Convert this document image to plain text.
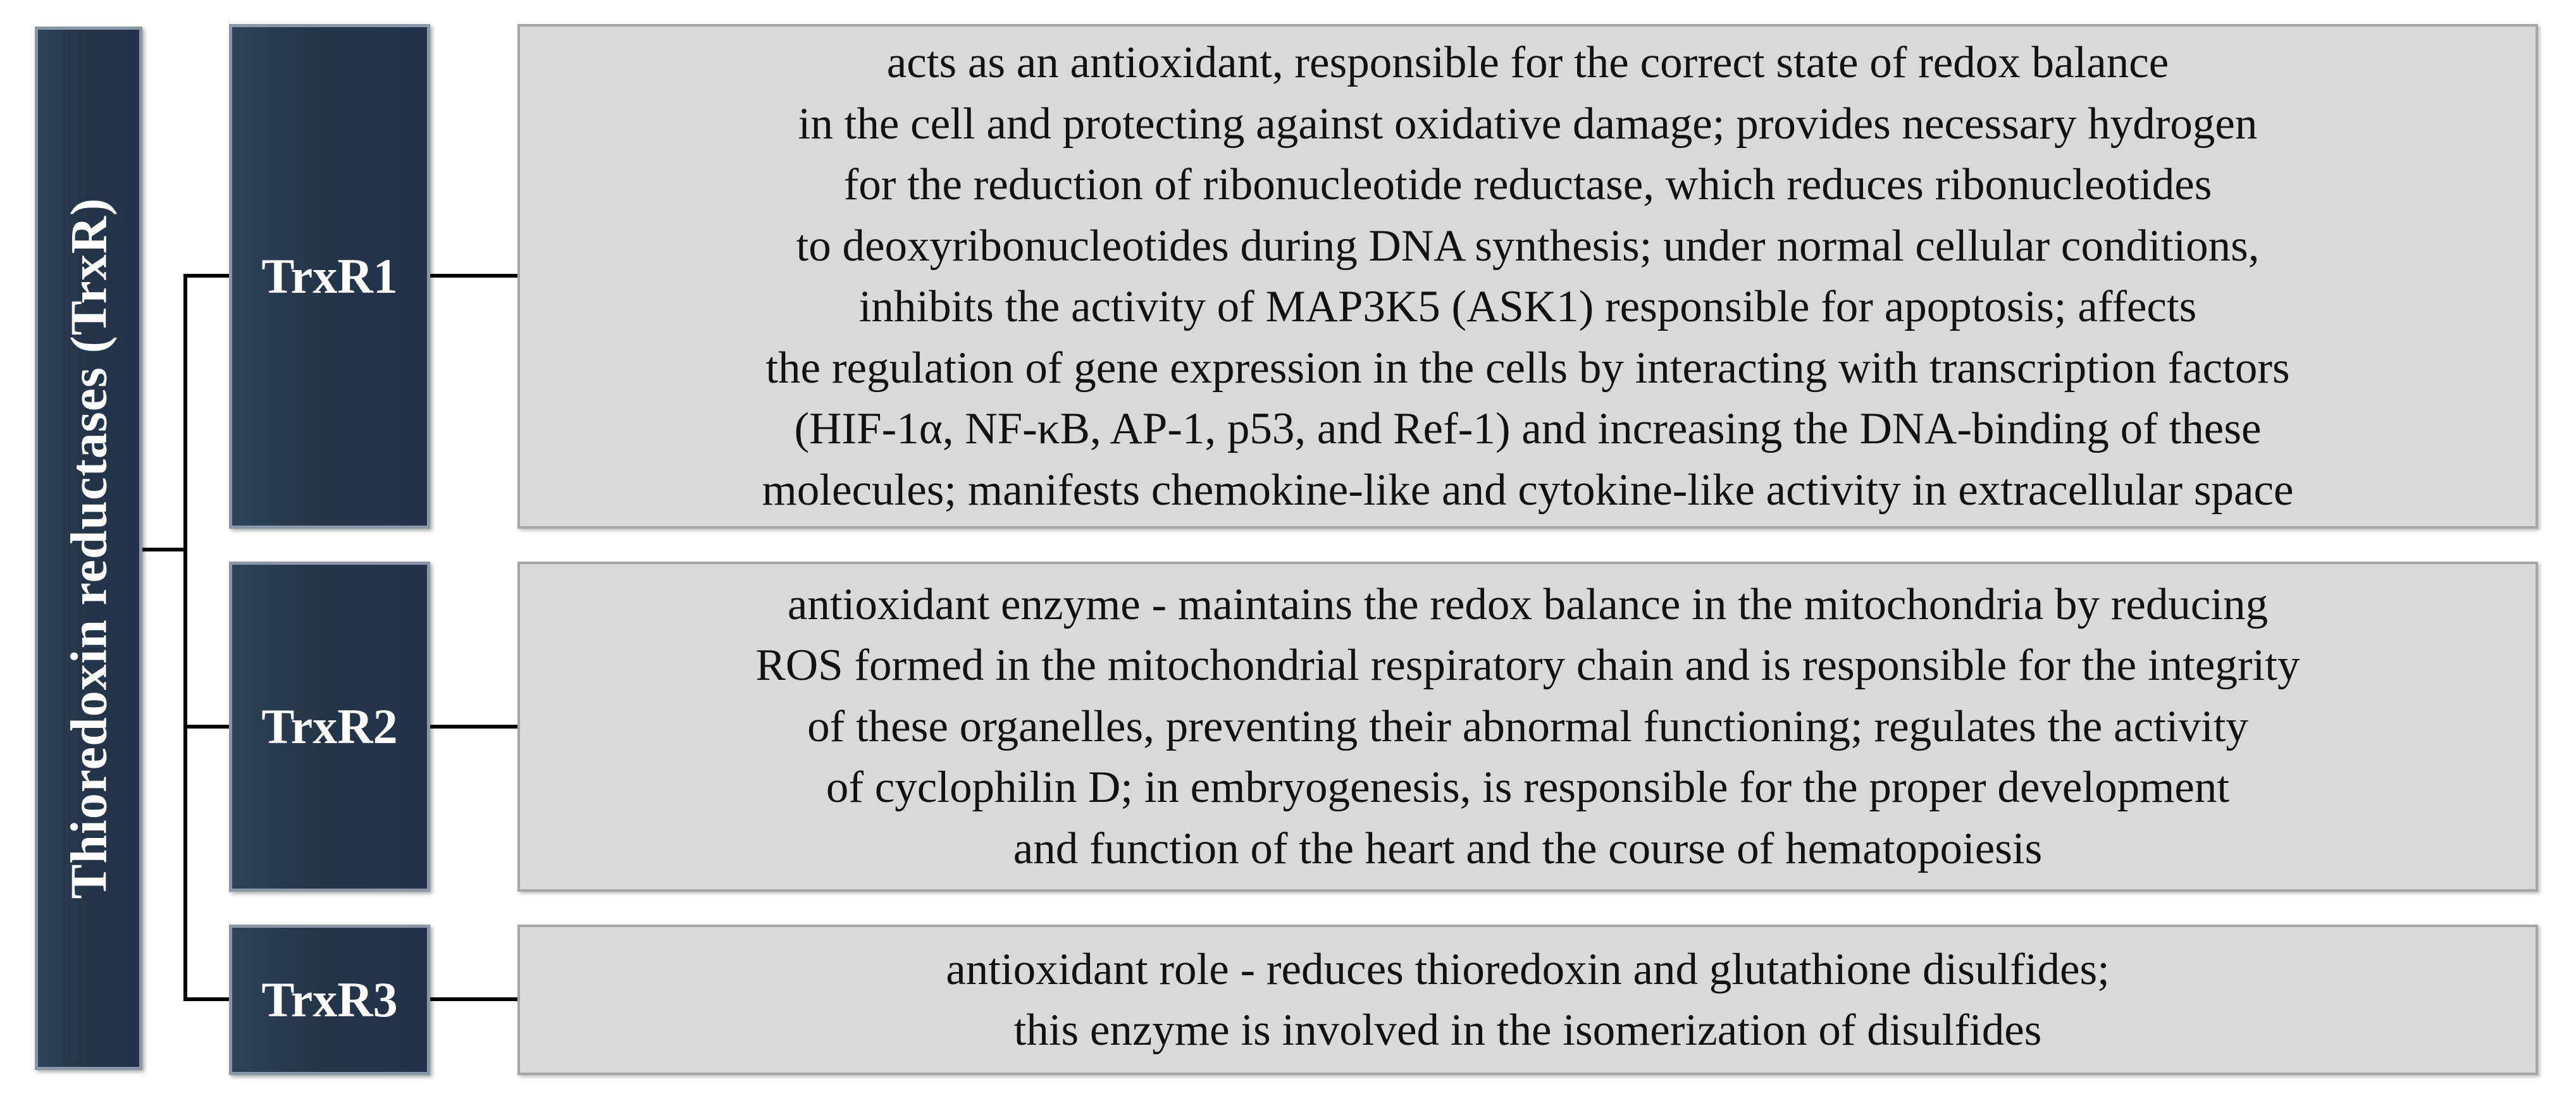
Thioredoxin reductases (TrxR)	TrxR1
TrxR2
TrxR3
acts as an antioxidant, responsible for the correct state of redox balance
in the cell and protecting against oxidative damage; provides necessary hydrogen
for the reduction of ribonucleotide reductase, which reduces ribonucleotides
to deoxyribonucleotides during DNA synthesis; under normal cellular conditions,
inhibits the activity of MAP3K5 (ASK1) responsible for apoptosis; affects
the regulation of gene expression in the cells by interacting with transcription factors
(HIF-1α, NF-κB, AP-1, p53, and Ref-1) and increasing the DNA-binding of these
molecules; manifests chemokine-like and cytokine-like activity in extracellular space
antioxidant enzyme - maintains the redox balance in the mitochondria by reducing
ROS formed in the mitochondrial respiratory chain and is responsible for the integrity
of these organelles, preventing their abnormal functioning; regulates the activity
of cyclophilin D; in embryogenesis, is responsible for the proper development
and function of the heart and the course of hematopoiesis
antioxidant role - reduces thioredoxin and glutathione disulfides;
this enzyme is involved in the isomerization of disulfides
